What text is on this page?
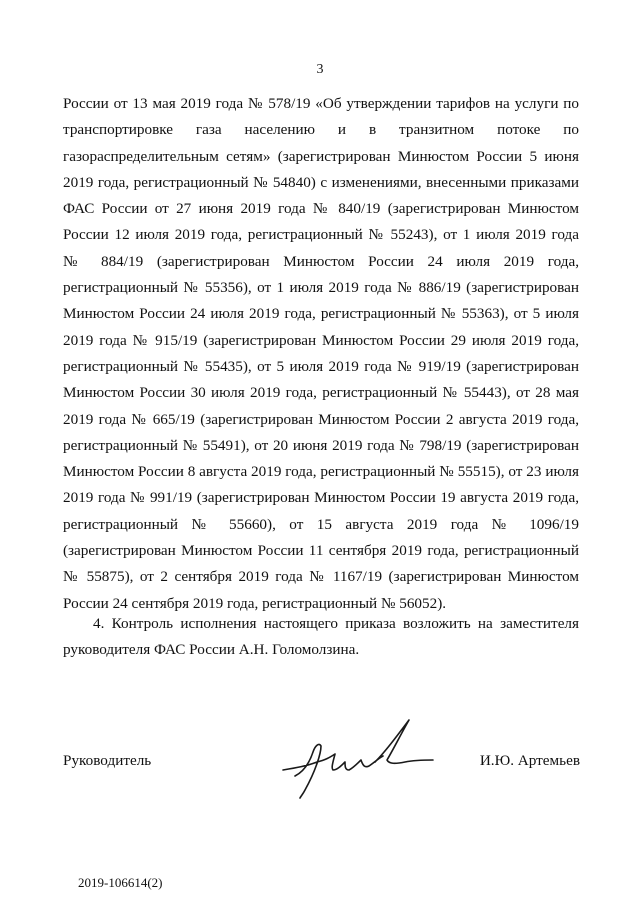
3
России от 13 мая 2019 года № 578/19 «Об утверждении тарифов на услуги по
транспортировке газа населению и в транзитном потоке по
газораспределительным сетям» (зарегистрирован Минюстом России 5 июня
2019 года, регистрационный № 54840) с изменениями, внесенными приказами
ФАС России от 27 июня 2019 года № 840/19 (зарегистрирован Минюстом
России 12 июля 2019 года, регистрационный № 55243), от 1 июля 2019 года
№ 884/19 (зарегистрирован Минюстом России 24 июля 2019 года,
регистрационный № 55356), от 1 июля 2019 года № 886/19 (зарегистрирован
Минюстом России 24 июля 2019 года, регистрационный № 55363), от 5 июля
2019 года № 915/19 (зарегистрирован Минюстом России 29 июля 2019 года,
регистрационный № 55435), от 5 июля 2019 года № 919/19 (зарегистрирован
Минюстом России 30 июля 2019 года, регистрационный № 55443), от 28 мая
2019 года № 665/19 (зарегистрирован Минюстом России 2 августа 2019 года,
регистрационный № 55491), от 20 июня 2019 года № 798/19 (зарегистрирован
Минюстом России 8 августа 2019 года, регистрационный № 55515), от 23 июля
2019 года № 991/19 (зарегистрирован Минюстом России 19 августа 2019 года,
регистрационный № 55660), от 15 августа 2019 года № 1096/19
(зарегистрирован Минюстом России 11 сентября 2019 года, регистрационный
№ 55875), от 2 сентября 2019 года № 1167/19 (зарегистрирован Минюстом
России 24 сентября 2019 года, регистрационный № 56052).
4. Контроль исполнения настоящего приказа возложить на заместителя
руководителя ФАС России А.Н. Голомолзина.
Руководитель	И.Ю. Артемьев
2019-106614(2)
